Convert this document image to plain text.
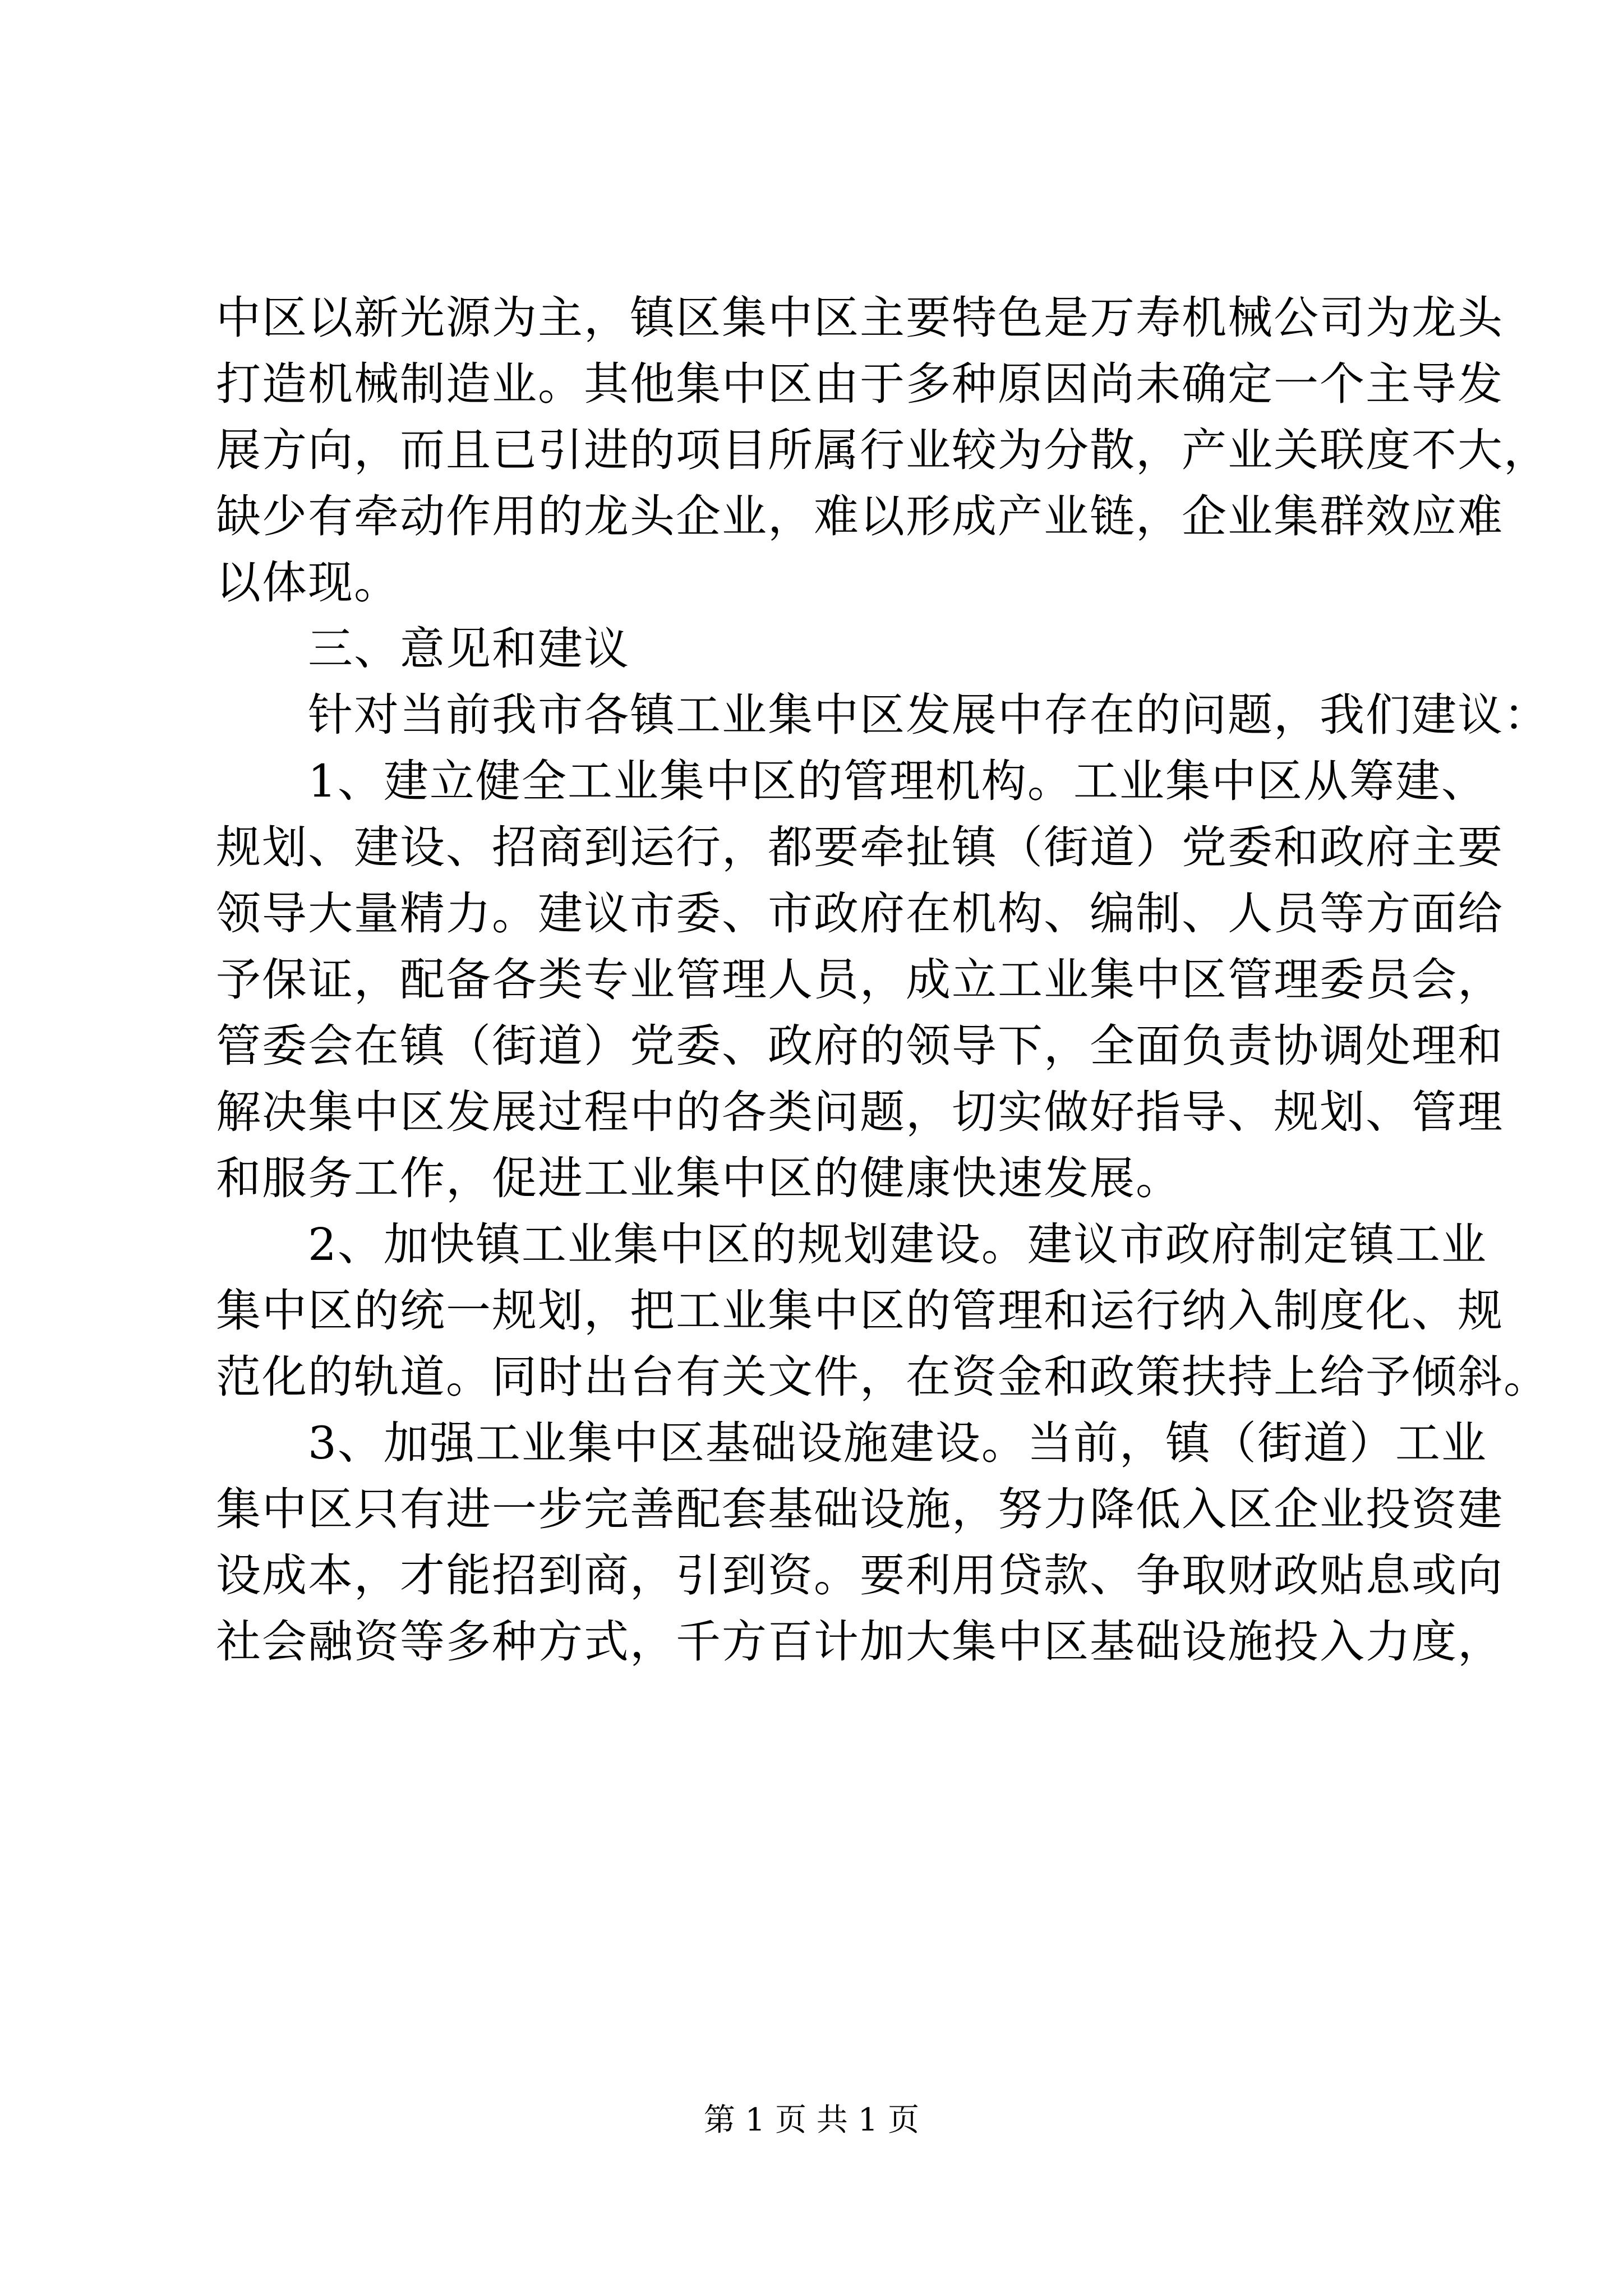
中区以新光源为主，镇区集中区主要特色是万寿机械公司为龙头
打造机械制造业。其他集中区由于多种原因尚未确定一个主导发
展方向，而且已引进的项目所属行业较为分散，产业关联度不大，
缺少有牵动作用的龙头企业，难以形成产业链，企业集群效应难
以体现。
　　三、意见和建议
　　针对当前我市各镇工业集中区发展中存在的问题，我们建议：
　　1、建立健全工业集中区的管理机构。工业集中区从筹建、
规划、建设、招商到运行，都要牵扯镇（街道）党委和政府主要
领导大量精力。建议市委、市政府在机构、编制、人员等方面给
予保证，配备各类专业管理人员，成立工业集中区管理委员会，
管委会在镇（街道）党委、政府的领导下，全面负责协调处理和
解决集中区发展过程中的各类问题，切实做好指导、规划、管理
和服务工作，促进工业集中区的健康快速发展。
　　2、加快镇工业集中区的规划建设。建议市政府制定镇工业
集中区的统一规划，把工业集中区的管理和运行纳入制度化、规
范化的轨道。同时出台有关文件，在资金和政策扶持上给予倾斜。
　　3、加强工业集中区基础设施建设。当前，镇（街道）工业
集中区只有进一步完善配套基础设施，努力降低入区企业投资建
设成本，才能招到商，引到资。要利用贷款、争取财政贴息或向
社会融资等多种方式，千方百计加大集中区基础设施投入力度，
第 1 页 共 1 页
